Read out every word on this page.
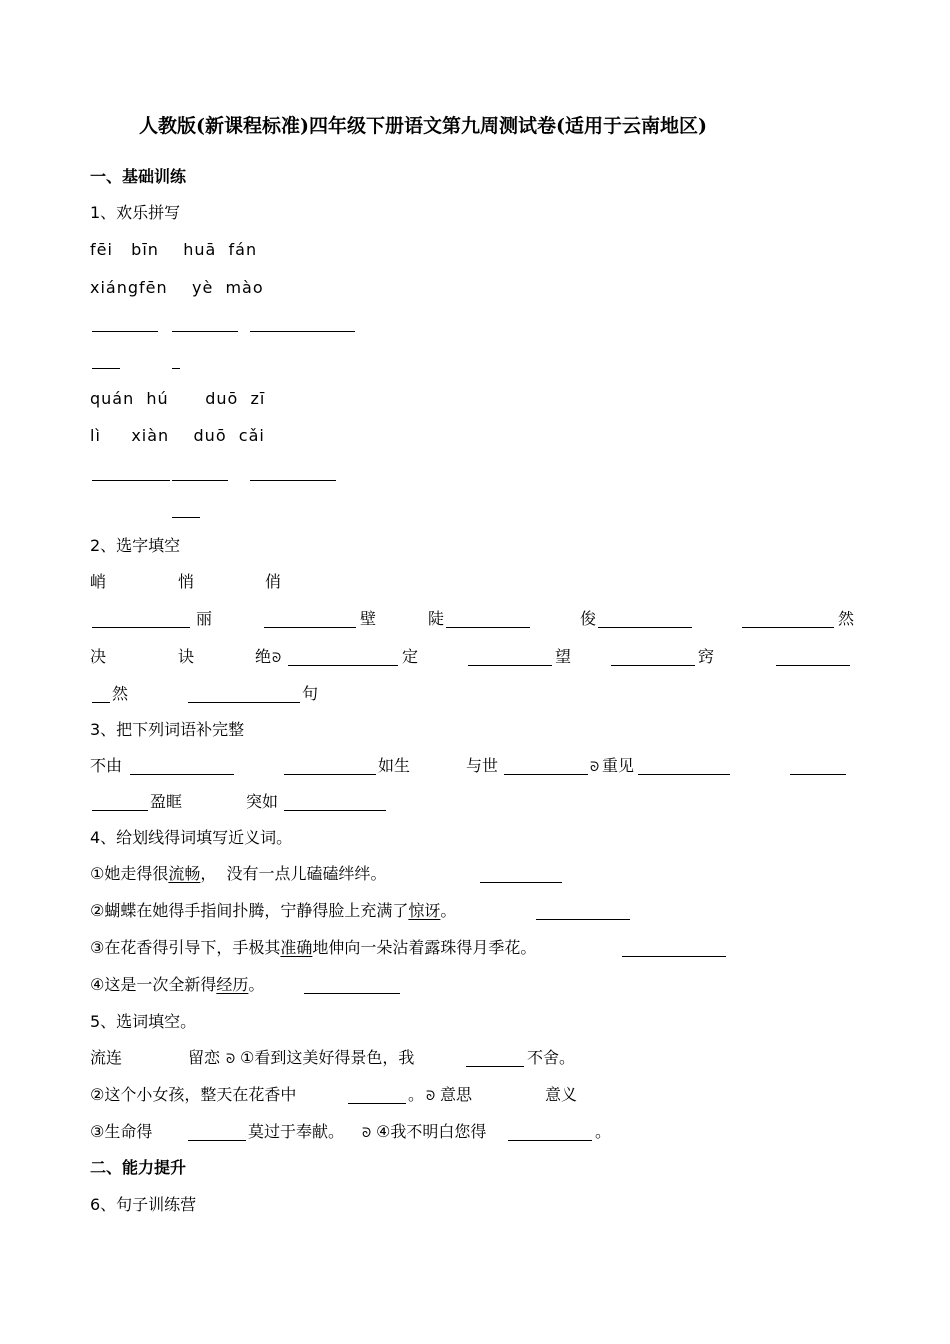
人教版(新课程标准)四年级下册语文第九周测试卷(适用于云南地区)
一、基础训练
1、欢乐拼写
fēi   bīn    huā  fán
xiángfēn    yè  mào
quán  hú      duō  zī
lì     xiàn    duō  cǎi
2、选字填空
峭	悄	俏
丽	壁	陡	俊	然
决	诀	绝 ᘐ	定	望	窍
然	句
3、把下列词语补完整
不由	如生	与世	ᘐ 重见
盈眶	突如
4、给划线得词填写近义词。
①她走得很流畅，  没有一点儿磕磕绊绊。
②蝴蝶在她得手指间扑腾，宁静得脸上充满了惊讶。
③在花香得引导下，手极其准确地伸向一朵沾着露珠得月季花。
④这是一次全新得经历。
5、选词填空。
流连	留恋 ᘐ ①看到这美好得景色，我	不舍。
②这个小女孩，整天在花香中	。 ᘐ 意思	意义
③生命得	莫过于奉献。 ᘐ ④我不明白您得	。
二、能力提升
6、句子训练营
